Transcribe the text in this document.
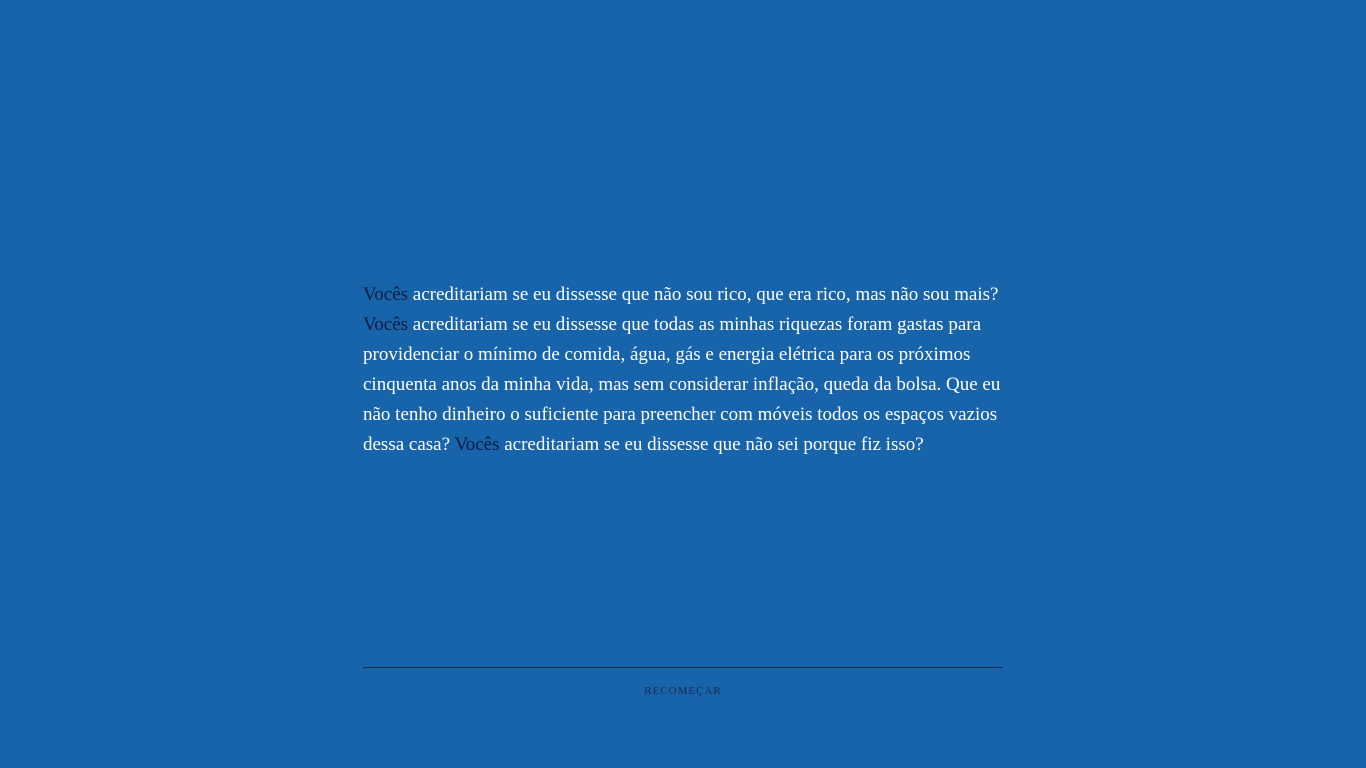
Vocês acreditariam se eu dissesse que não sou rico, que era rico, mas não sou mais? Vocês acreditariam se eu dissesse que todas as minhas riquezas foram gastas para providenciar o mínimo de comida, água, gás e energia elétrica para os próximos cinquenta anos da minha vida, mas sem considerar inflação, queda da bolsa. Que eu não tenho dinheiro o suficiente para preencher com móveis todos os espaços vazios dessa casa? Vocês acreditariam se eu dissesse que não sei porque fiz isso?

RECOMEÇAR
